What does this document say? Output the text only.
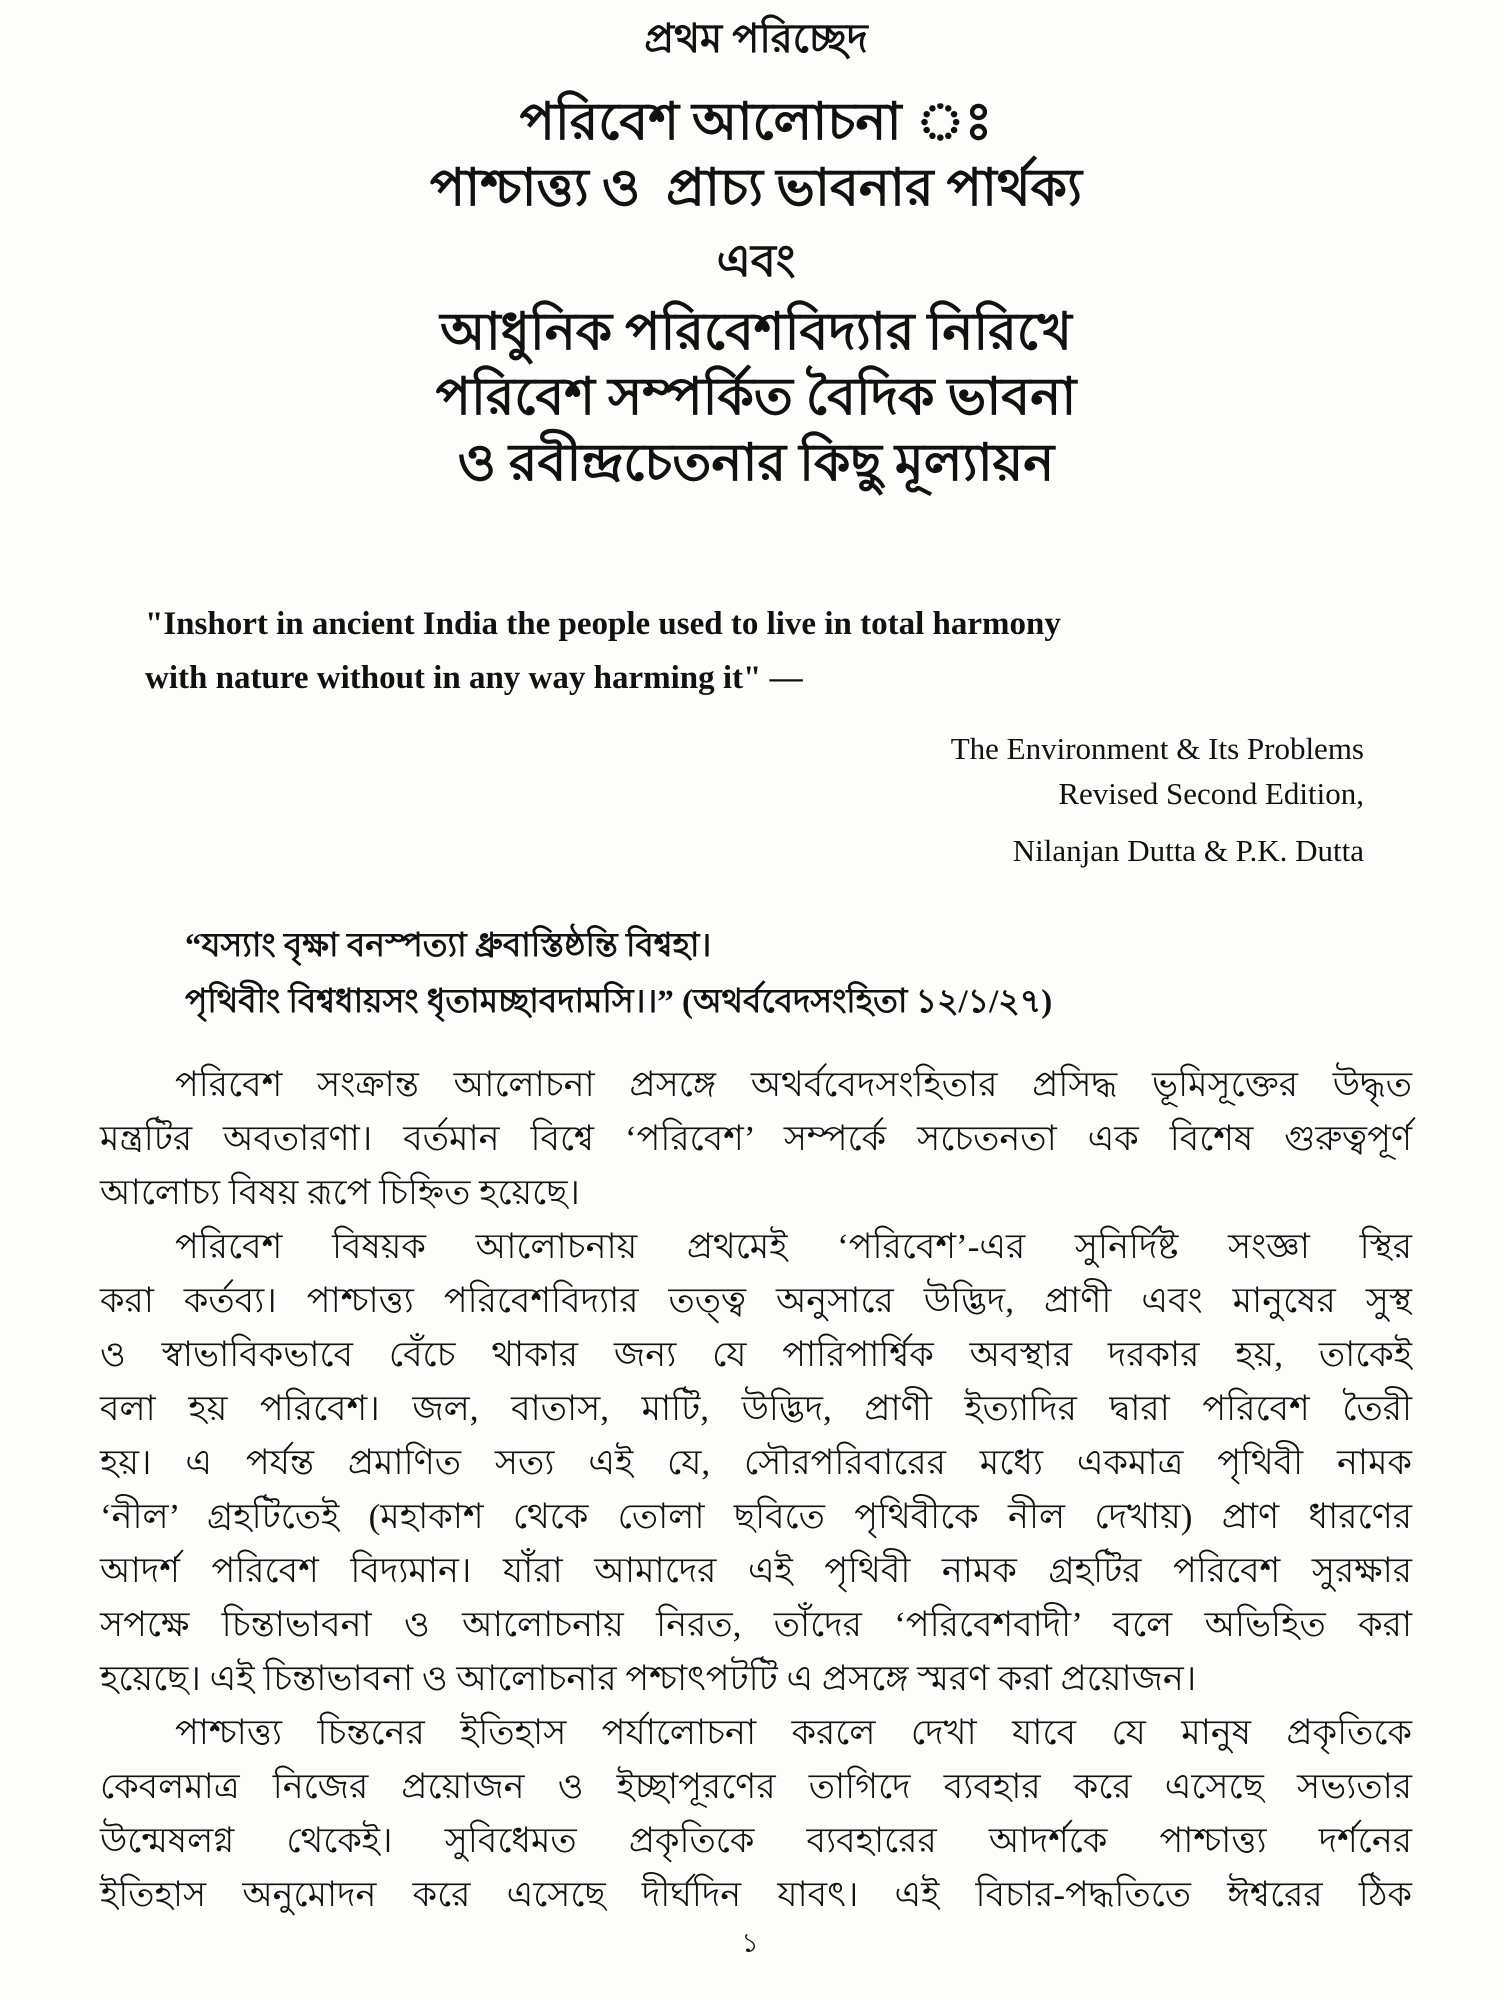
প্রথম পরিচ্ছেদ
পরিবেশ আলোচনা ঃ
পাশ্চাত্ত্য ও  প্রাচ্য ভাবনার পার্থক্য
এবং
আধুনিক পরিবেশবিদ্যার নিরিখে
পরিবেশ সম্পর্কিত বৈদিক ভাবনা
ও রবীন্দ্রচেতনার কিছু মূল্যায়ন
"Inshort in ancient India the people used to live in total harmony
with nature without in any way harming it" —
The Environment & Its Problems
Revised Second Edition,
Nilanjan Dutta & P.K. Dutta
“যস্যাং বৃক্ষা বনস্পত্যা ধ্রুবাস্তিষ্ঠন্তি বিশ্বহা।
পৃথিবীং বিশ্বধায়সং ধৃতামচ্ছাবদামসি।।” (অথর্ববেদসংহিতা ১২/১/২৭)
পরিবেশ সংক্রান্ত আলোচনা প্রসঙ্গে অথর্ববেদসংহিতার প্রসিদ্ধ ভূমিসূক্তের উদ্ধৃত
মন্ত্রটির অবতারণা। বর্তমান বিশ্বে ‘পরিবেশ’ সম্পর্কে সচেতনতা এক বিশেষ গুরুত্বপূর্ণ
আলোচ্য বিষয় রূপে চিহ্নিত হয়েছে।
পরিবেশ বিষয়ক আলোচনায় প্রথমেই ‘পরিবেশ’-এর সুনির্দিষ্ট সংজ্ঞা স্থির
করা কর্তব্য। পাশ্চাত্ত্য পরিবেশবিদ্যার তত্ত্ব অনুসারে উদ্ভিদ, প্রাণী এবং মানুষের সুস্থ
ও স্বাভাবিকভাবে বেঁচে থাকার জন্য যে পারিপার্শ্বিক অবস্থার দরকার হয়, তাকেই
বলা হয় পরিবেশ। জল, বাতাস, মাটি, উদ্ভিদ, প্রাণী ইত্যাদির দ্বারা পরিবেশ তৈরী
হয়। এ পর্যন্ত প্রমাণিত সত্য এই যে, সৌরপরিবারের মধ্যে একমাত্র পৃথিবী নামক
‘নীল’ গ্রহটিতেই (মহাকাশ থেকে তোলা ছবিতে পৃথিবীকে নীল দেখায়) প্রাণ ধারণের
আদর্শ পরিবেশ বিদ্যমান। যাঁরা আমাদের এই পৃথিবী নামক গ্রহটির পরিবেশ সুরক্ষার
সপক্ষে চিন্তাভাবনা ও আলোচনায় নিরত, তাঁদের ‘পরিবেশবাদী’ বলে অভিহিত করা
হয়েছে। এই চিন্তাভাবনা ও আলোচনার পশ্চাৎপটটি এ প্রসঙ্গে স্মরণ করা প্রয়োজন।
পাশ্চাত্ত্য চিন্তনের ইতিহাস পর্যালোচনা করলে দেখা যাবে যে মানুষ প্রকৃতিকে
কেবলমাত্র নিজের প্রয়োজন ও ইচ্ছাপূরণের তাগিদে ব্যবহার করে এসেছে সভ্যতার
উন্মেষলগ্ন থেকেই। সুবিধেমত প্রকৃতিকে ব্যবহারের আদর্শকে পাশ্চাত্ত্য দর্শনের
ইতিহাস অনুমোদন করে এসেছে দীর্ঘদিন যাবৎ। এই বিচার-পদ্ধতিতে ঈশ্বরের ঠিক
১
